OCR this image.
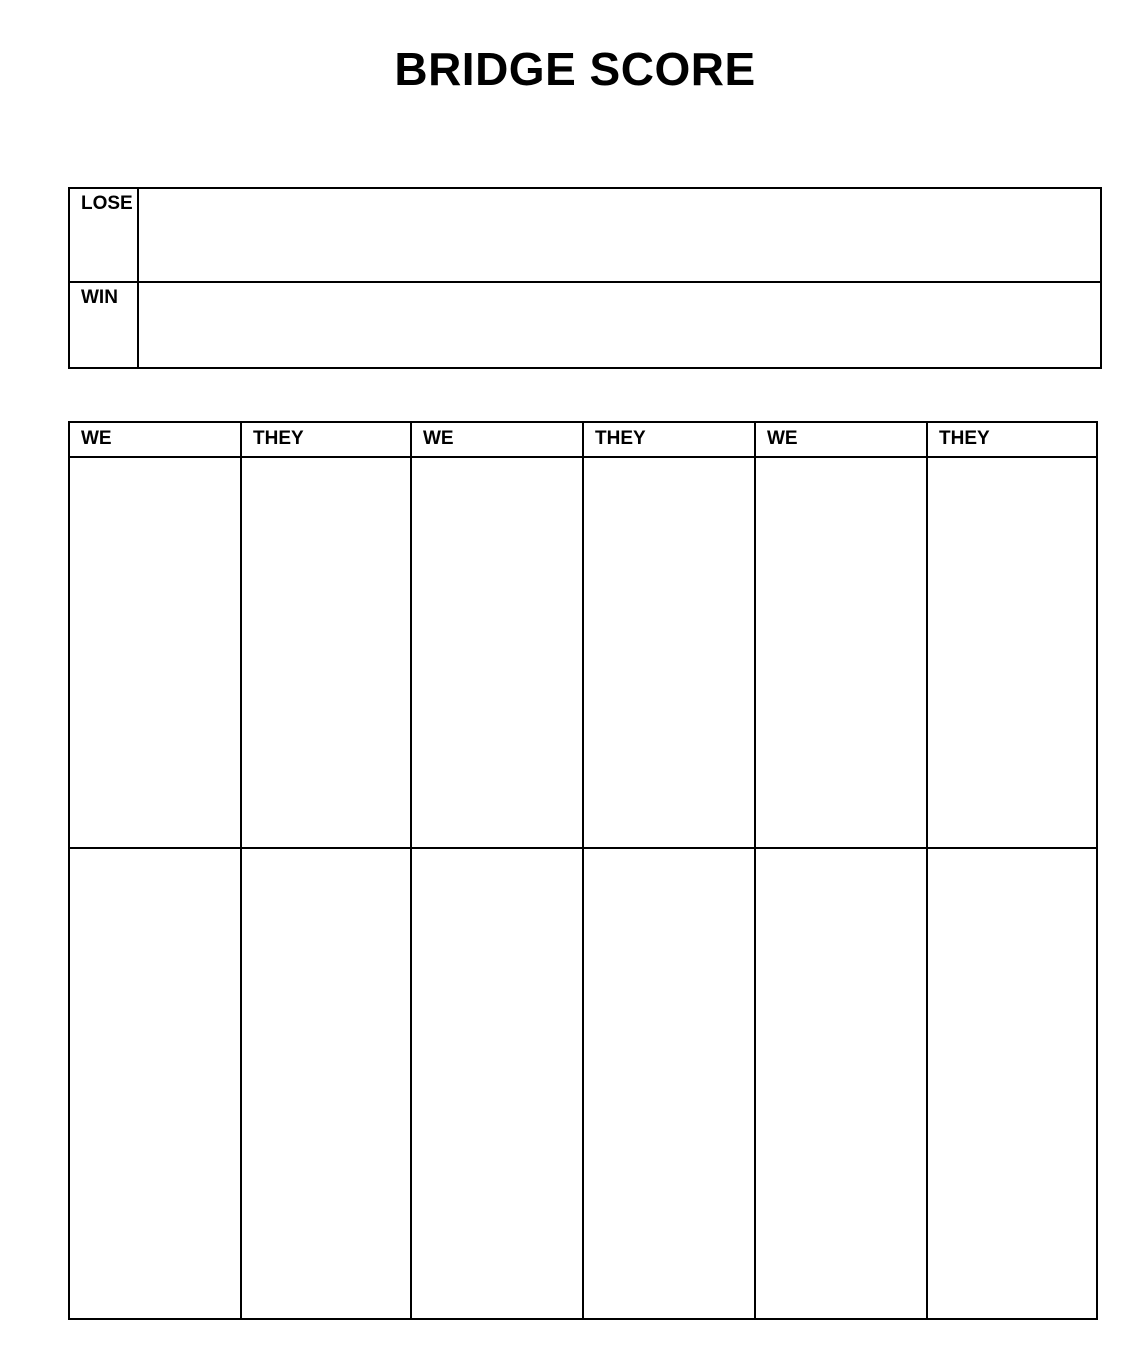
BRIDGE SCORE
LOSE
WIN
WE	THEY	WE	THEY	WE	THEY
